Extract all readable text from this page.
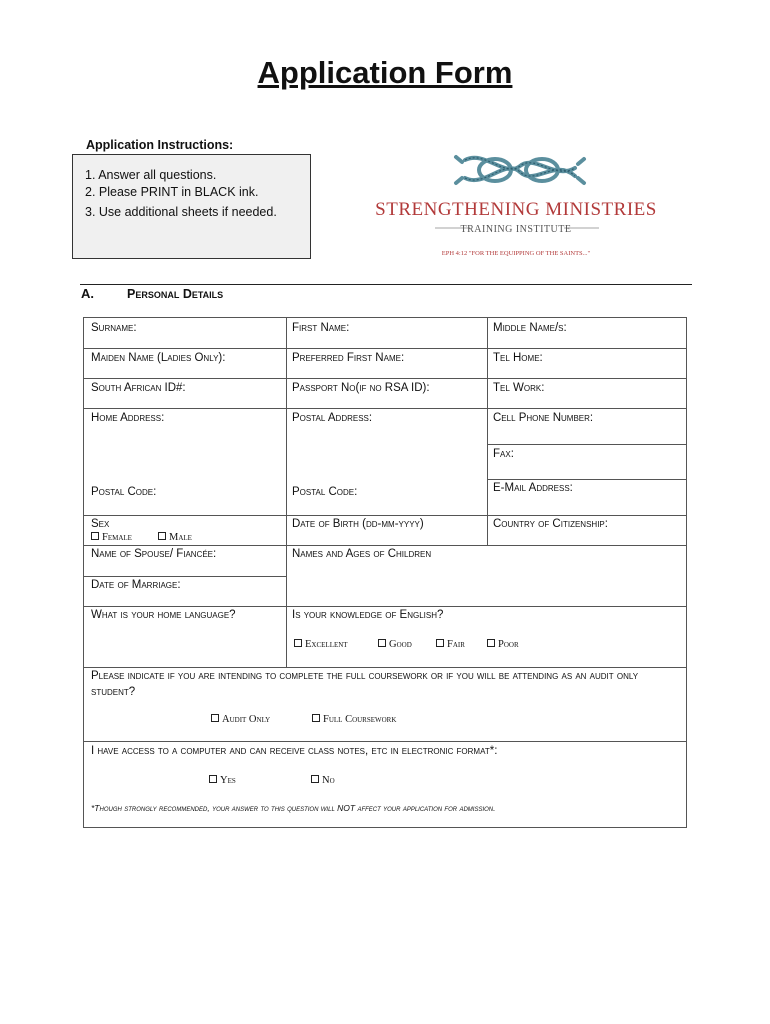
Application Form
Application Instructions:
1. Answer all questions.
2. Please PRINT in BLACK ink.
3. Use additional sheets if needed.	STRENGTHENING MINISTRIES
TRAINING INSTITUTE
EPH 4:12 "FOR THE EQUIPPING OF THE SAINTS..."
A.	Personal Details
Surname:	First Name:	Middle Name/s:
Maiden Name (Ladies Only):	Preferred First Name:	Tel Home:
South African ID#:	Passport No(if no RSA ID):	Tel Work:
Home Address:	Postal Address:	Cell Phone Number:
Fax:
Postal Code:	Postal Code:	E-Mail Address:
Sex
Female	Male
Date of Birth (dd-mm-yyyy)	Country of Citizenship:
Name of Spouse/ Fiancée:	Names and Ages of Children
Date of Marriage:
What is your home language?	Is your knowledge of English?
Excellent	Good	Fair	Poor
Please indicate if you are intending to complete the full coursework or if you will be attending as an audit only student?
Audit Only	Full Coursework
I have access to a computer and can receive class notes, etc in electronic format*:
Yes	No
*Though strongly recommended, your answer to this question will NOT affect your application for admission.
